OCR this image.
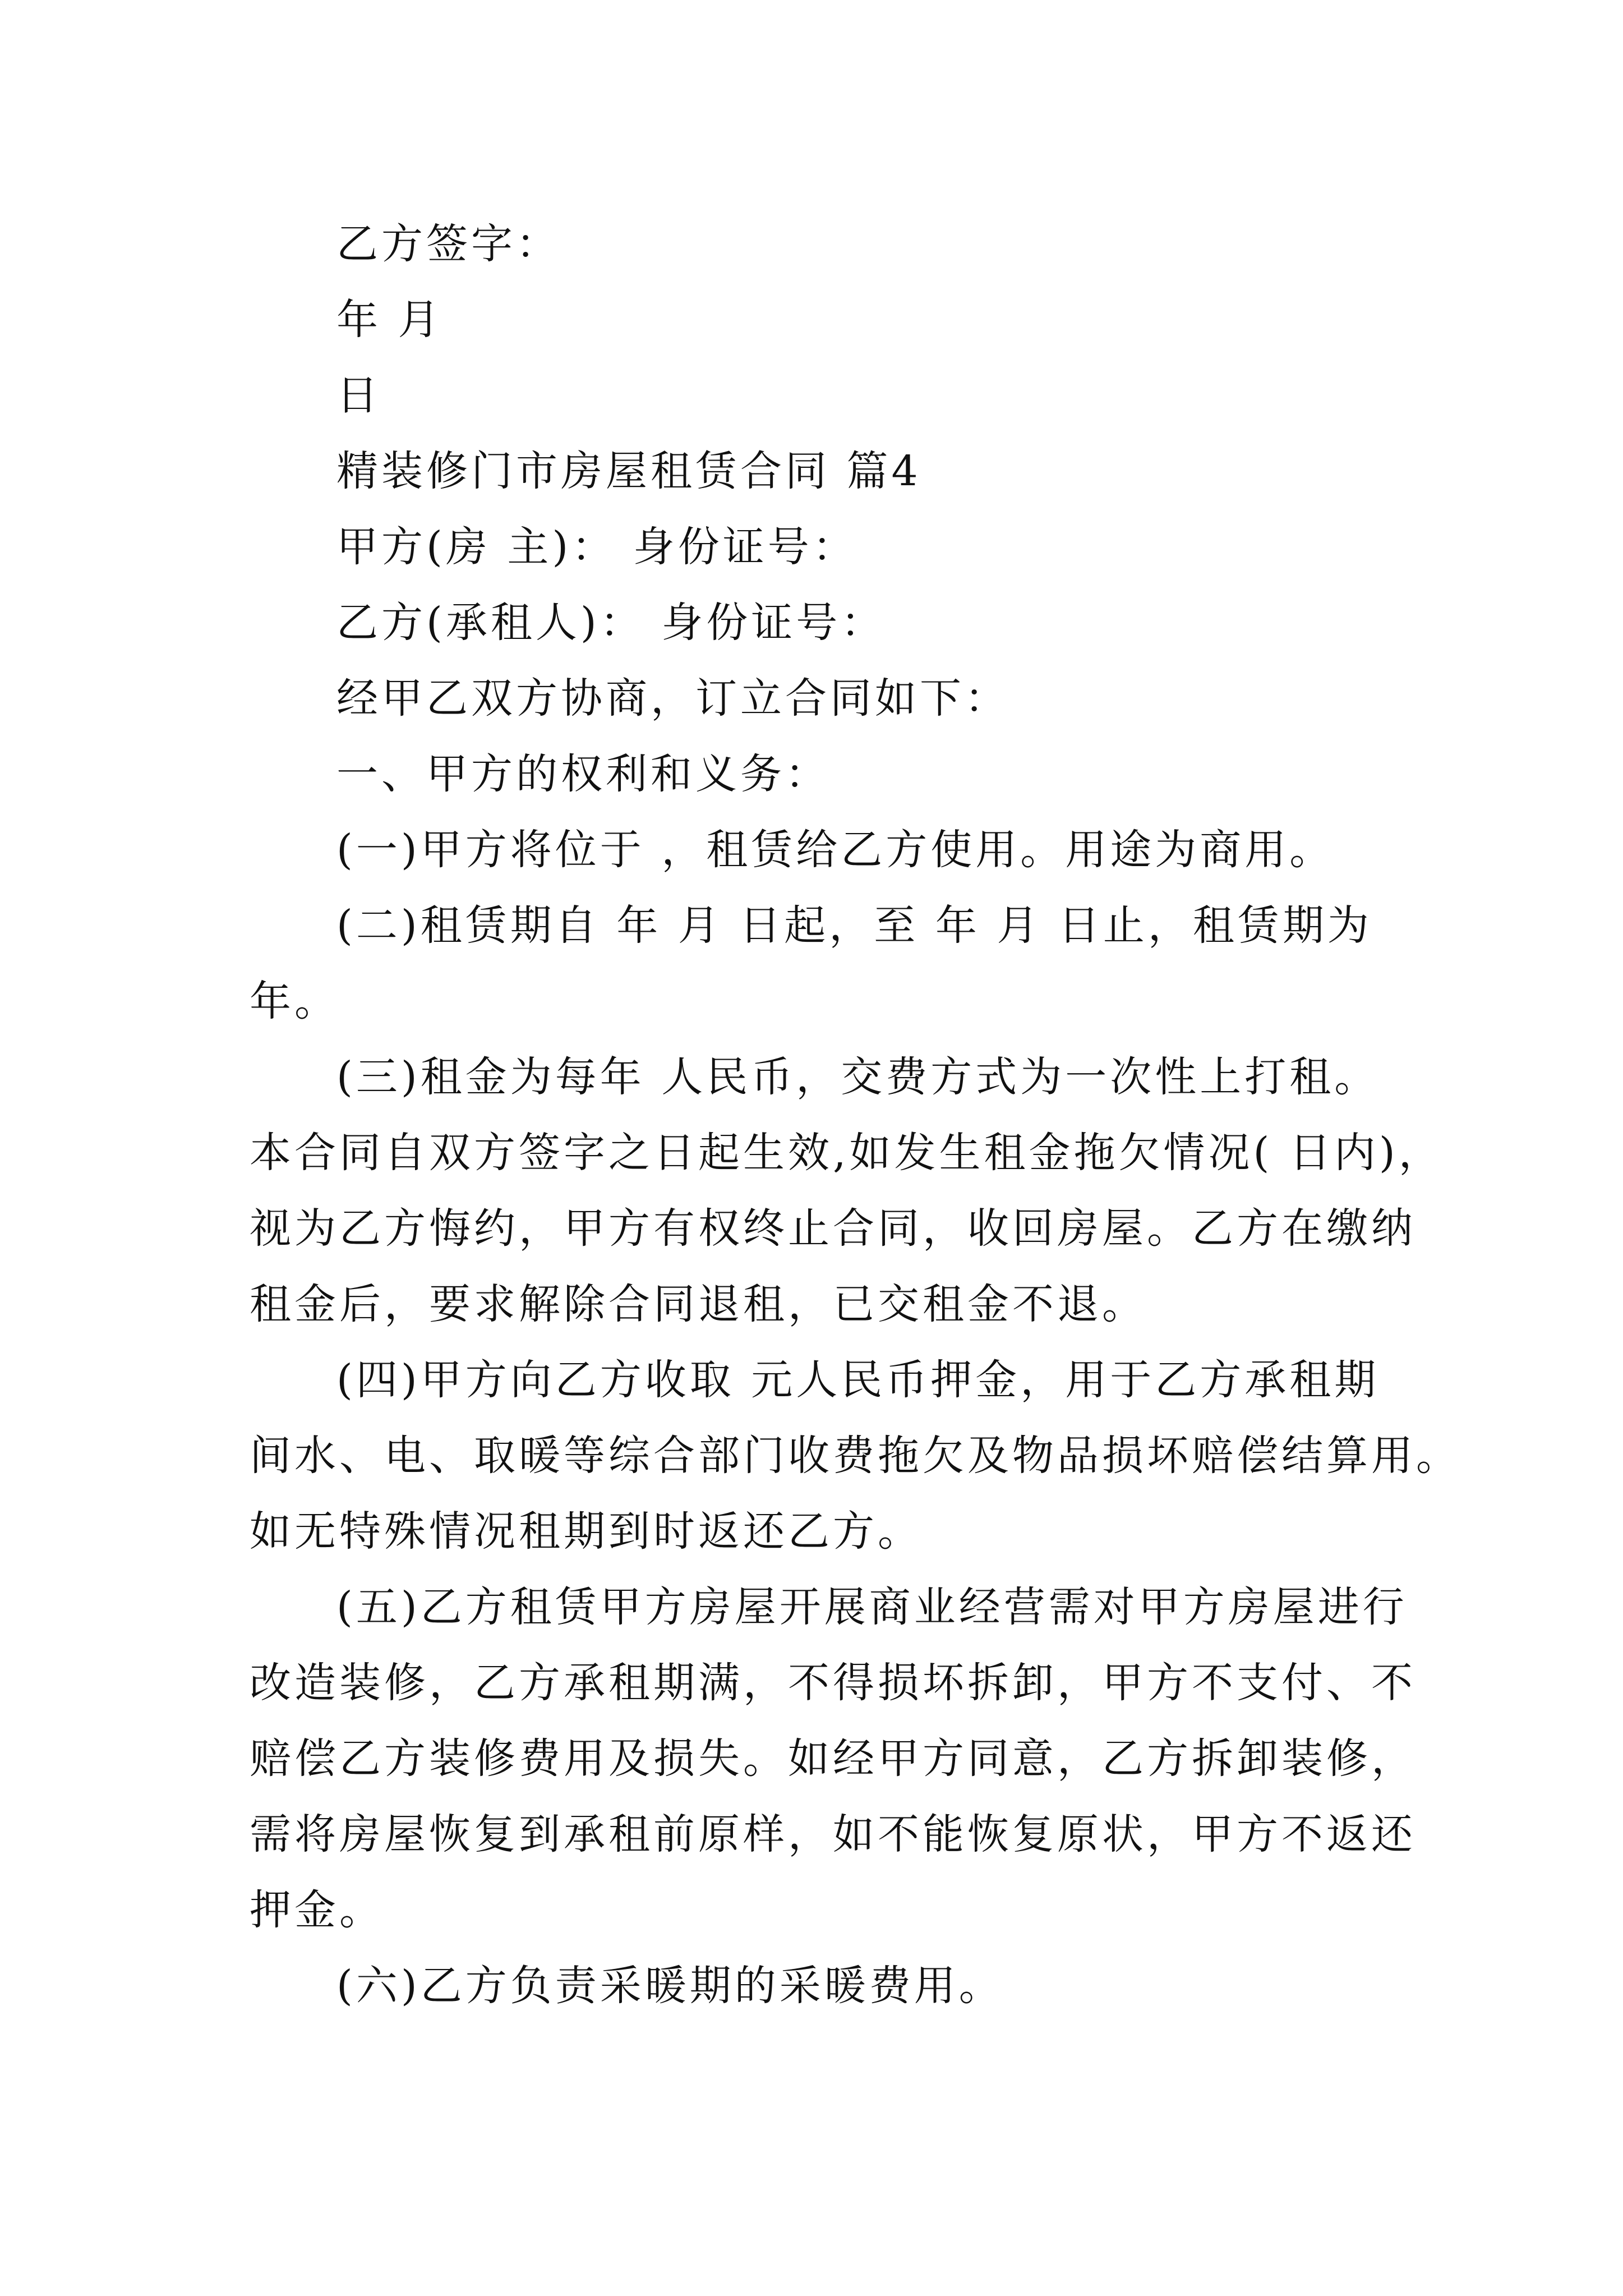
乙方签字：

年 月

日

精装修门市房屋租赁合同 篇4

甲方(房 主)： 身份证号：

乙方(承租人)： 身份证号：

经甲乙双方协商，订立合同如下：

一、甲方的权利和义务：

(一)甲方将位于 ，租赁给乙方使用。用途为商用。

(二)租赁期自 年 月 日起，至 年 月 日止，租赁期为

年。

(三)租金为每年 人民币，交费方式为一次性上打租。

本合同自双方签字之日起生效,如发生租金拖欠情况( 日内)，

视为乙方悔约，甲方有权终止合同，收回房屋。乙方在缴纳

租金后，要求解除合同退租，已交租金不退。

(四)甲方向乙方收取 元人民币押金，用于乙方承租期

间水、电、取暖等综合部门收费拖欠及物品损坏赔偿结算用。

如无特殊情况租期到时返还乙方。

(五)乙方租赁甲方房屋开展商业经营需对甲方房屋进行

改造装修，乙方承租期满，不得损坏拆卸，甲方不支付、不

赔偿乙方装修费用及损失。如经甲方同意，乙方拆卸装修，

需将房屋恢复到承租前原样，如不能恢复原状，甲方不返还

押金。

(六)乙方负责采暖期的采暖费用。
